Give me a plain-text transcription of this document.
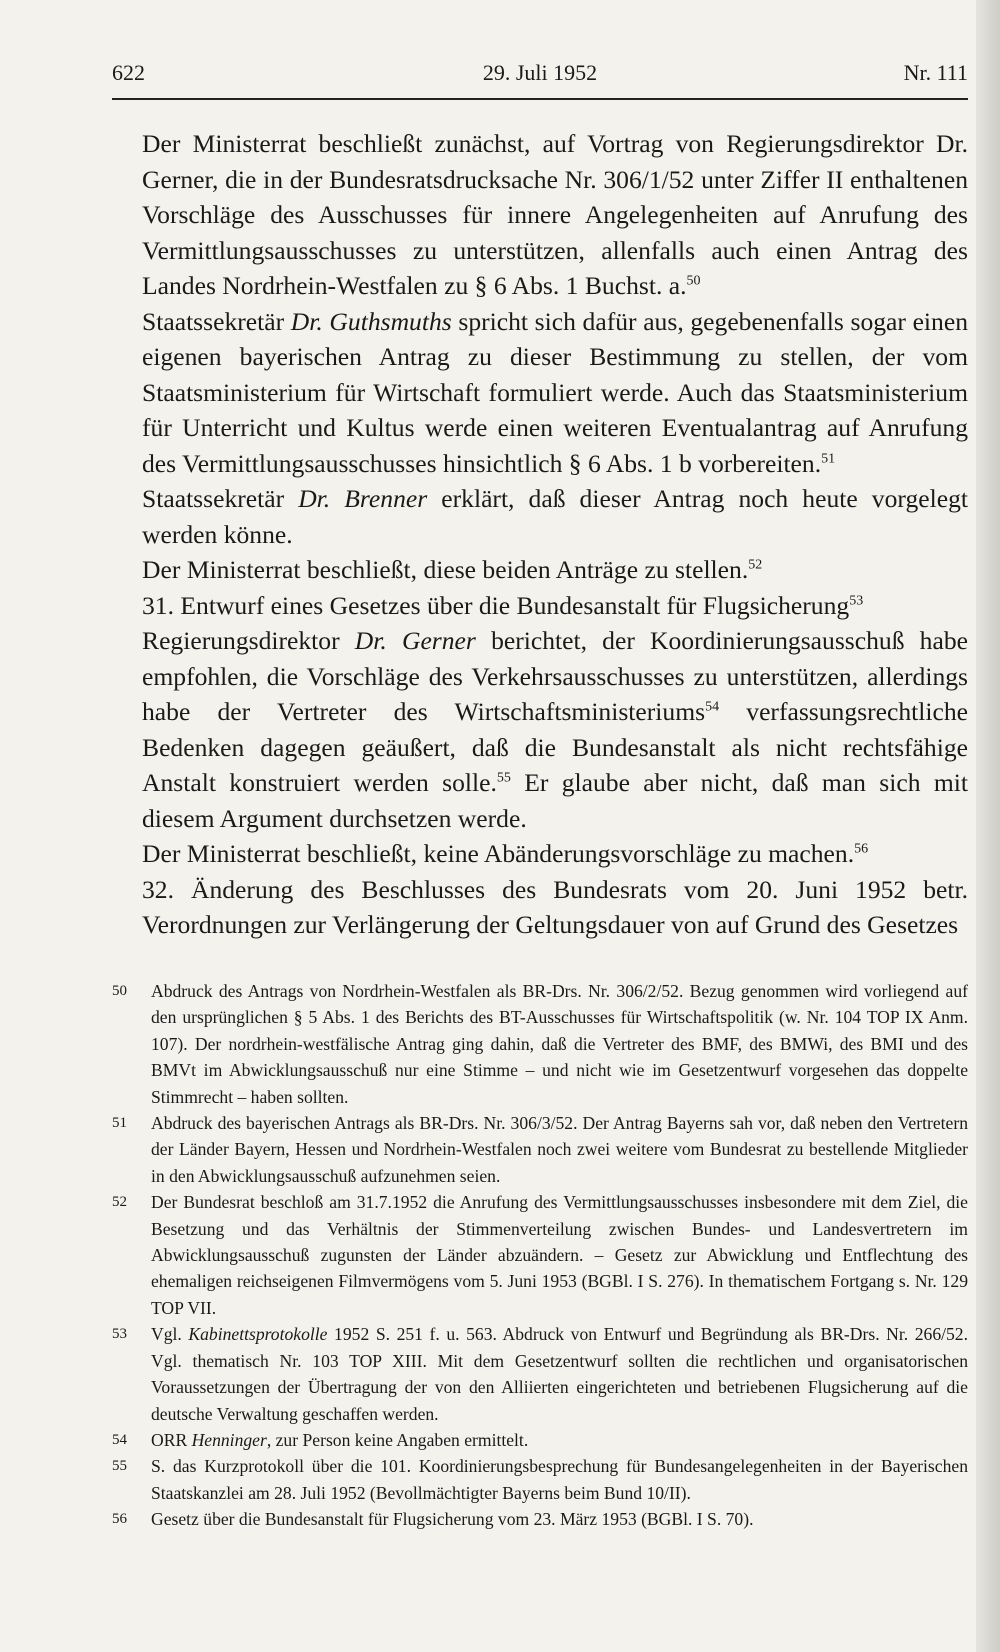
622	29. Juli 1952	Nr. 111

Der Ministerrat beschließt zunächst, auf Vortrag von Regierungsdirektor Dr. Gerner, die in der Bundesratsdrucksache Nr. 306/1/52 unter Ziffer II enthaltenen Vorschläge des Ausschusses für innere Angelegenheiten auf Anrufung des Vermittlungsausschusses zu unterstützen, allenfalls auch einen Antrag des Landes Nordrhein-Westfalen zu § 6 Abs. 1 Buchst. a.$^{50}$

Staatssekretär Dr. Guthsmuths spricht sich dafür aus, gegebenenfalls sogar einen eigenen bayerischen Antrag zu dieser Bestimmung zu stellen, der vom Staatsministerium für Wirtschaft formuliert werde. Auch das Staatsministerium für Unterricht und Kultus werde einen weiteren Eventualantrag auf Anrufung des Vermittlungsausschusses hinsichtlich § 6 Abs. 1 b vorbereiten.$^{51}$

Staatssekretär Dr. Brenner erklärt, daß dieser Antrag noch heute vorgelegt werden könne.

Der Ministerrat beschließt, diese beiden Anträge zu stellen.$^{52}$

31. Entwurf eines Gesetzes über die Bundesanstalt für Flugsicherung$^{53}$

Regierungsdirektor Dr. Gerner berichtet, der Koordinierungsausschuß habe empfohlen, die Vorschläge des Verkehrsausschusses zu unterstützen, allerdings habe der Vertreter des Wirtschaftsministeriums$^{54}$ verfassungsrechtliche Bedenken dagegen geäußert, daß die Bundesanstalt als nicht rechtsfähige Anstalt konstruiert werden solle.$^{55}$ Er glaube aber nicht, daß man sich mit diesem Argument durchsetzen werde.

Der Ministerrat beschließt, keine Abänderungsvorschläge zu machen.$^{56}$

32. Änderung des Beschlusses des Bundesrats vom 20. Juni 1952 betr. Verordnungen zur Verlängerung der Geltungsdauer von auf Grund des Gesetzes

50 Abdruck des Antrags von Nordrhein-Westfalen als BR-Drs. Nr. 306/2/52. Bezug genommen wird vorliegend auf den ursprünglichen § 5 Abs. 1 des Berichts des BT-Ausschusses für Wirtschaftspolitik (w. Nr. 104 TOP IX Anm. 107). Der nordrhein-westfälische Antrag ging dahin, daß die Vertreter des BMF, des BMWi, des BMI und des BMVt im Abwicklungsausschuß nur eine Stimme – und nicht wie im Gesetzentwurf vorgesehen das doppelte Stimmrecht – haben sollten.
51 Abdruck des bayerischen Antrags als BR-Drs. Nr. 306/3/52. Der Antrag Bayerns sah vor, daß neben den Vertretern der Länder Bayern, Hessen und Nordrhein-Westfalen noch zwei weitere vom Bundesrat zu bestellende Mitglieder in den Abwicklungsausschuß aufzunehmen seien.
52 Der Bundesrat beschloß am 31.7.1952 die Anrufung des Vermittlungsausschusses insbesondere mit dem Ziel, die Besetzung und das Verhältnis der Stimmenverteilung zwischen Bundes- und Landesvertretern im Abwicklungsausschuß zugunsten der Länder abzuändern. – Gesetz zur Abwicklung und Entflechtung des ehemaligen reichseigenen Filmvermögens vom 5. Juni 1953 (BGBl. I S. 276). In thematischem Fortgang s. Nr. 129 TOP VII.
53 Vgl. Kabinettsprotokolle 1952 S. 251 f. u. 563. Abdruck von Entwurf und Begründung als BR-Drs. Nr. 266/52. Vgl. thematisch Nr. 103 TOP XIII. Mit dem Gesetzentwurf sollten die rechtlichen und organisatorischen Voraussetzungen der Übertragung der von den Alliierten eingerichteten und betriebenen Flugsicherung auf die deutsche Verwaltung geschaffen werden.
54 ORR Henninger, zur Person keine Angaben ermittelt.
55 S. das Kurzprotokoll über die 101. Koordinierungsbesprechung für Bundesangelegenheiten in der Bayerischen Staatskanzlei am 28. Juli 1952 (Bevollmächtigter Bayerns beim Bund 10/II).
56 Gesetz über die Bundesanstalt für Flugsicherung vom 23. März 1953 (BGBl. I S. 70).
